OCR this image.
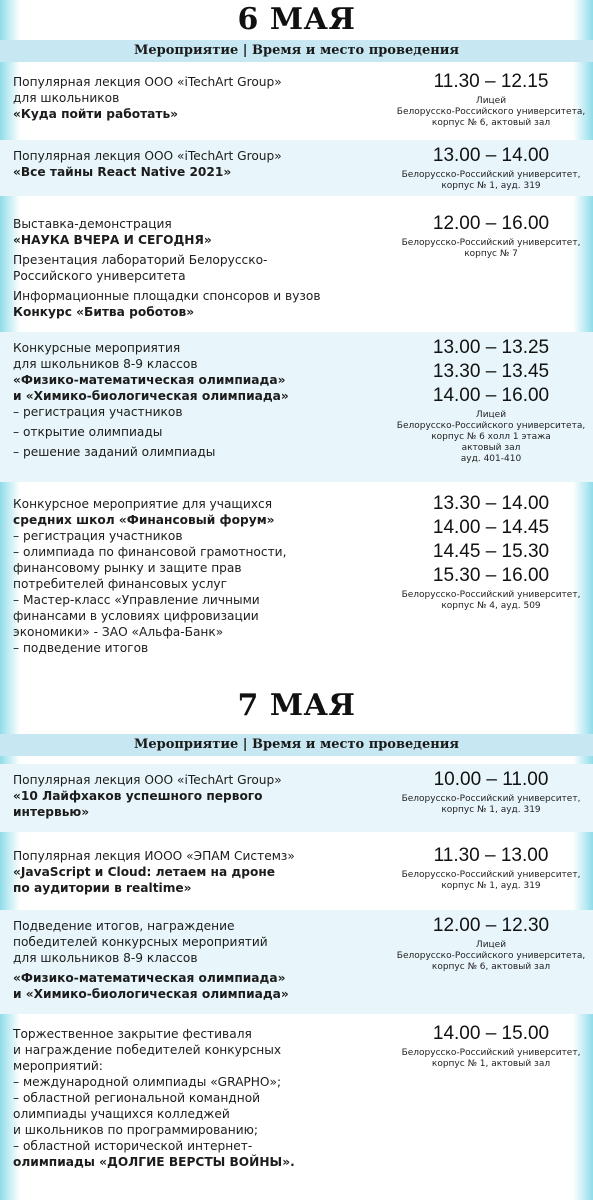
6 МАЯ
Мероприятие | Время и место проведения
Популярная лекция ООО «iTechArt Group»
для школьников
«Куда пойти работать»
11.30 – 12.15
Лицей
Белорусско-Российского университета,
корпус № 6, актовый зал
Популярная лекция ООО «iTechArt Group»
«Все тайны React Native 2021»
13.00 – 14.00
Белорусско-Российский университет,
корпус № 1, ауд. 319
Выставка-демонстрация
«НАУКА ВЧЕРА И СЕГОДНЯ»
Презентация лабораторий Белорусско-
Российского университета
Информационные площадки спонсоров и вузов
Конкурс «Битва роботов»
12.00 – 16.00
Белорусско-Российский университет,
корпус № 7
Конкурсные мероприятия
для школьников 8-9 классов
«Физико-математическая олимпиада»
и «Химико-биологическая олимпиада»
– регистрация участников
– открытие олимпиады
– решение заданий олимпиады
13.00 – 13.25
13.30 – 13.45
14.00 – 16.00
Лицей
Белорусско-Российского университета,
корпус № 6 холл 1 этажа
актовый зал
ауд. 401-410
Конкурсное мероприятие для учащихся
средних школ «Финансовый форум»
– регистрация участников
– олимпиада по финансовой грамотности,
финансовому рынку и защите прав
потребителей финансовых услуг
– Мастер-класс «Управление личными
финансами в условиях цифровизации
экономики» - ЗАО «Альфа-Банк»
– подведение итогов
13.30 – 14.00
14.00 – 14.45
14.45 – 15.30
15.30 – 16.00
Белорусско-Российский университет,
корпус № 4, ауд. 509
7 МАЯ
Мероприятие | Время и место проведения
Популярная лекция ООО «iTechArt Group»
«10 Лайфхаков успешного первого
интервью»
10.00 – 11.00
Белорусско-Российский университет,
корпус № 1, ауд. 319
Популярная лекция ИООО «ЭПАМ Системз»
«JavaScript и Cloud: летаем на дроне
по аудитории в realtime»
11.30 – 13.00
Белорусско-Российский университет,
корпус № 1, ауд. 319
Подведение итогов, награждение
победителей конкурсных мероприятий
для школьников 8-9 классов
«Физико-математическая олимпиада»
и «Химико-биологическая олимпиада»
12.00 – 12.30
Лицей
Белорусско-Российского университета,
корпус № 6, актовый зал
Торжественное закрытие фестиваля
и награждение победителей конкурсных
мероприятий:
– международной олимпиады «GRAPHO»;
– областной региональной командной
олимпиады учащихся колледжей
и школьников по программированию;
– областной исторической интернет-
олимпиады «ДОЛГИЕ ВЕРСТЫ ВОЙНЫ».
14.00 – 15.00
Белорусско-Российский университет,
корпус № 1, актовый зал
